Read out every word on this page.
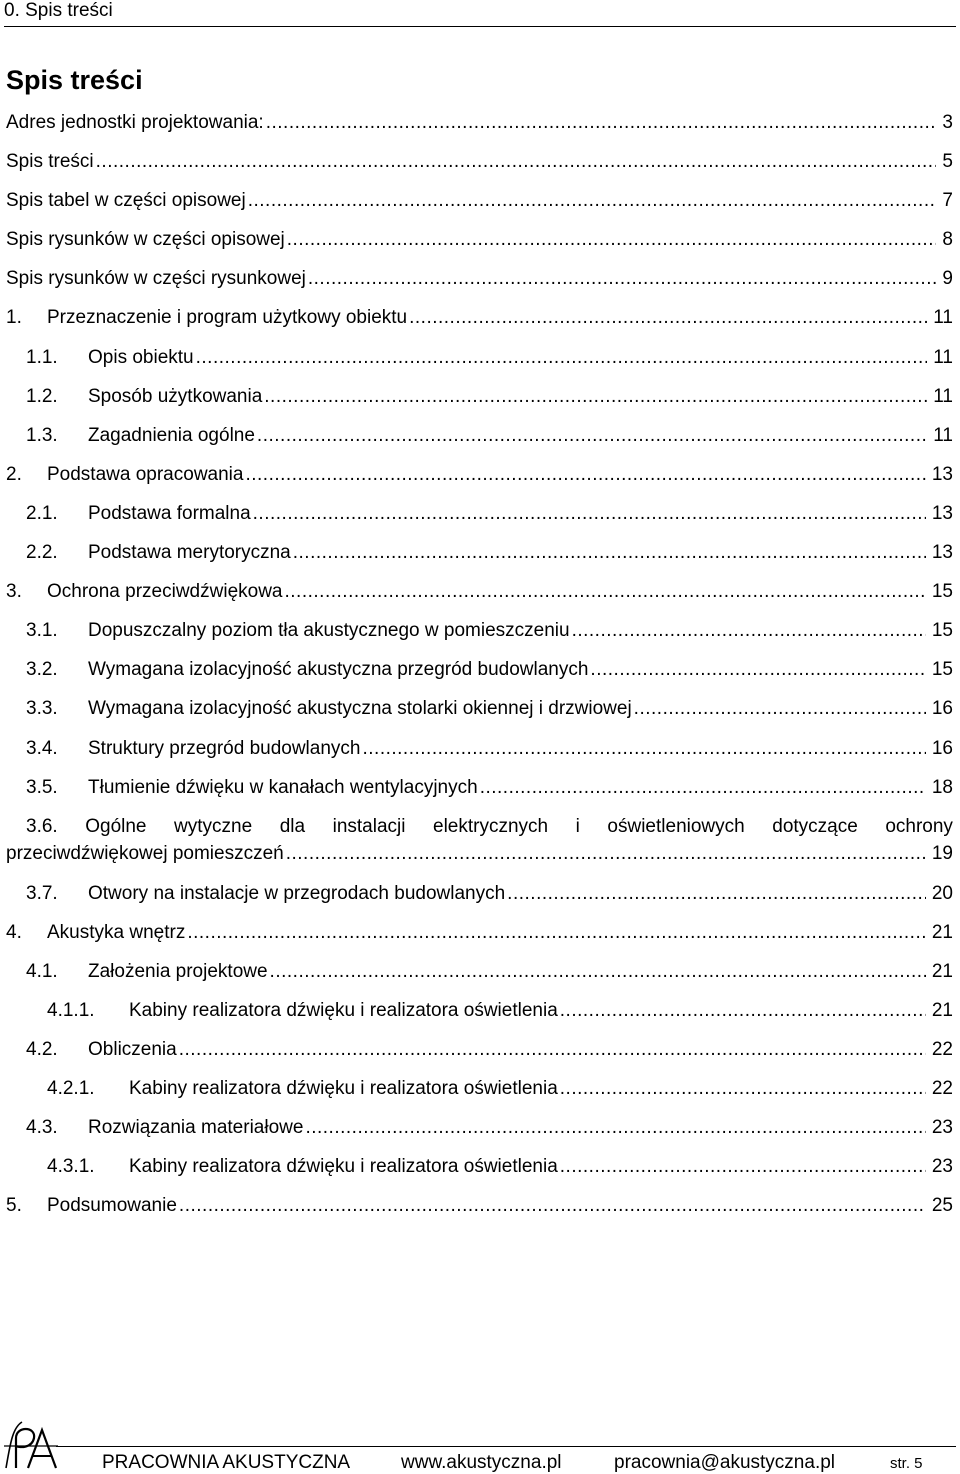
0. Spis treści
Spis treści
Adres jednostki projektowania: .....	3
Spis treści .....	5
Spis tabel w części opisowej .....	7
Spis rysunków w części opisowej .....	8
Spis rysunków w części rysunkowej .....	9
1.	Przeznaczenie i program użytkowy obiektu .....	11
1.1.	Opis obiektu .....	11
1.2.	Sposób użytkowania .....	11
1.3.	Zagadnienia ogólne .....	11
2.	Podstawa opracowania .....	13
2.1.	Podstawa formalna .....	13
2.2.	Podstawa merytoryczna .....	13
3.	Ochrona przeciwdźwiękowa .....	15
3.1.	Dopuszczalny poziom tła akustycznego w pomieszczeniu .....	15
3.2.	Wymagana izolacyjność akustyczna przegród budowlanych .....	15
3.3.	Wymagana izolacyjność akustyczna stolarki okiennej i drzwiowej .....	16
3.4.	Struktury przegród budowlanych .....	16
3.5.	Tłumienie dźwięku w kanałach wentylacyjnych .....	18
3.6. Ogólne wytyczne dla instalacji elektrycznych i oświetleniowych dotyczące ochrony
przeciwdźwiękowej pomieszczeń .....	19
3.7.	Otwory na instalacje w przegrodach budowlanych .....	20
4.	Akustyka wnętrz .....	21
4.1.	Założenia projektowe .....	21
4.1.1.	Kabiny realizatora dźwięku i realizatora oświetlenia .....	21
4.2.	Obliczenia .....	22
4.2.1.	Kabiny realizatora dźwięku i realizatora oświetlenia .....	22
4.3.	Rozwiązania materiałowe .....	23
4.3.1.	Kabiny realizatora dźwięku i realizatora oświetlenia .....	23
5.	Podsumowanie .....	25
PRACOWNIA AKUSTYCZNA	www.akustyczna.pl	pracownia@akustyczna.pl	str. 5
